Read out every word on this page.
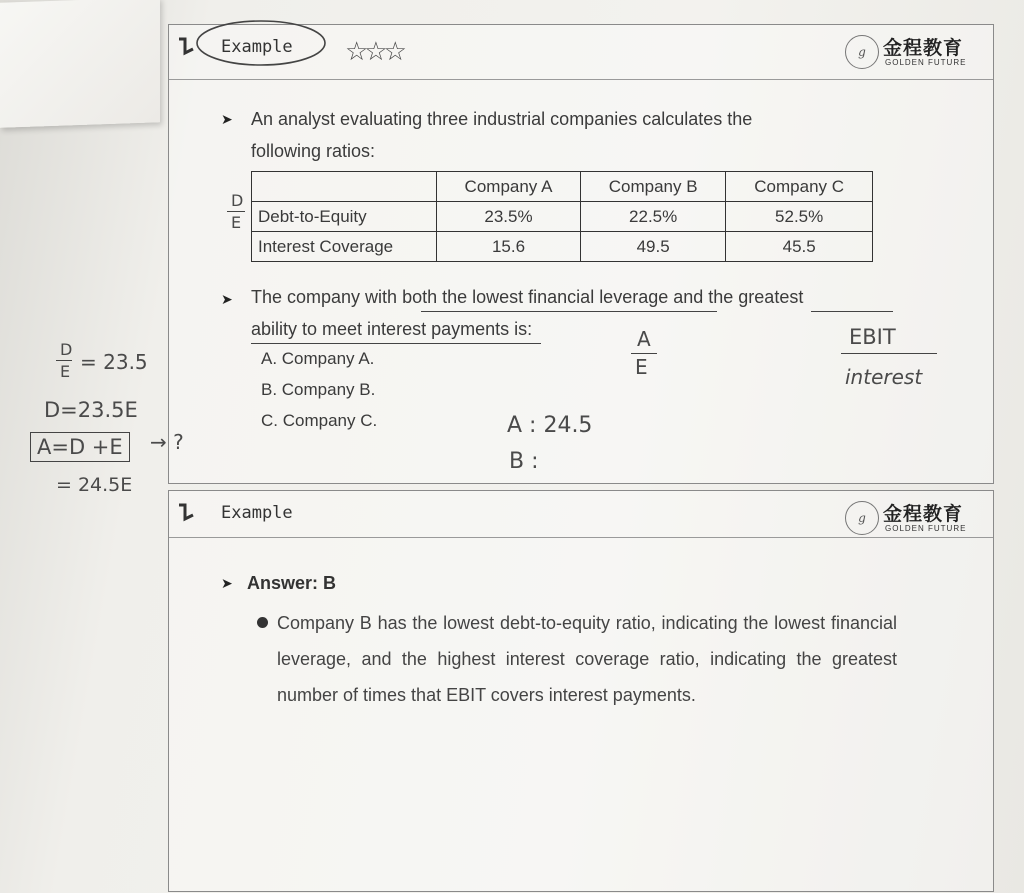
Example ☆☆☆	g 金程教育
GOLDEN FUTURE
➤ An analyst evaluating three industrial companies calculates the
following ratios:
	Company A	Company B	Company C
Debt-to-Equity	23.5%	22.5%	52.5%
Interest Coverage	15.6	49.5	45.5
D
E
➤ The company with both the lowest financial leverage and the greatest
ability to meet interest payments is:
A. Company A.
B. Company B.
C. Company C.
A
E
A : 24.5
B :
EBIT
interest
D
E = 23.5
D=23.5E
A=D +E	→ ?
= 24.5E
Example	g 金程教育
GOLDEN FUTURE
➤ Answer: B
Company B has the lowest debt-to-equity ratio, indicating the lowest financial leverage, and the highest interest coverage ratio, indicating the greatest number of times that EBIT covers interest payments.
